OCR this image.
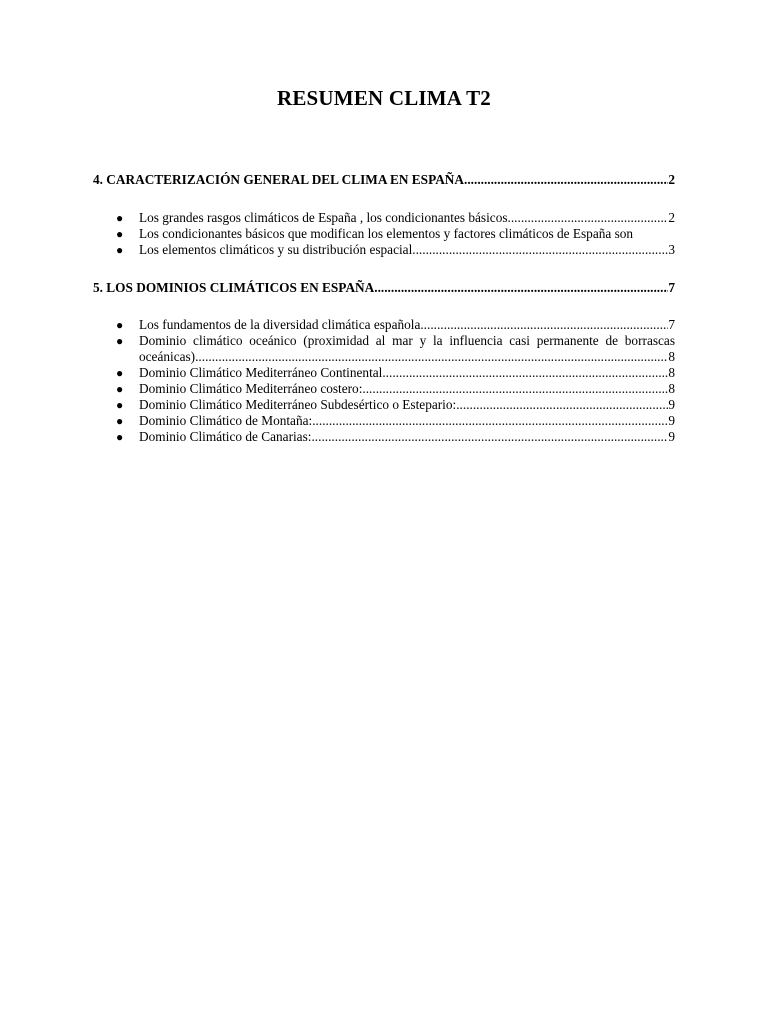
RESUMEN CLIMA T2
4. CARACTERIZACIÓN GENERAL DEL CLIMA EN ESPAÑA .....	2
● Los grandes rasgos climáticos de España , los condicionantes básicos .....	2
● Los condicionantes básicos que modifican los elementos y factores climáticos de España son
● Los elementos climáticos y su distribución espacial .....	3
5. LOS DOMINIOS CLIMÁTICOS EN ESPAÑA .....	7
● Los fundamentos de la diversidad climática española .....	7
● Dominio climático oceánico (proximidad al mar y la influencia casi permanente de borrascas
oceánicas) .....	8
● Dominio Climático Mediterráneo Continental .....	8
● Dominio Climático Mediterráneo costero: .....	8
● Dominio Climático Mediterráneo Subdesértico o Estepario: .....	9
● Dominio Climático de Montaña: .....	9
● Dominio Climático de Canarias: .....	9
